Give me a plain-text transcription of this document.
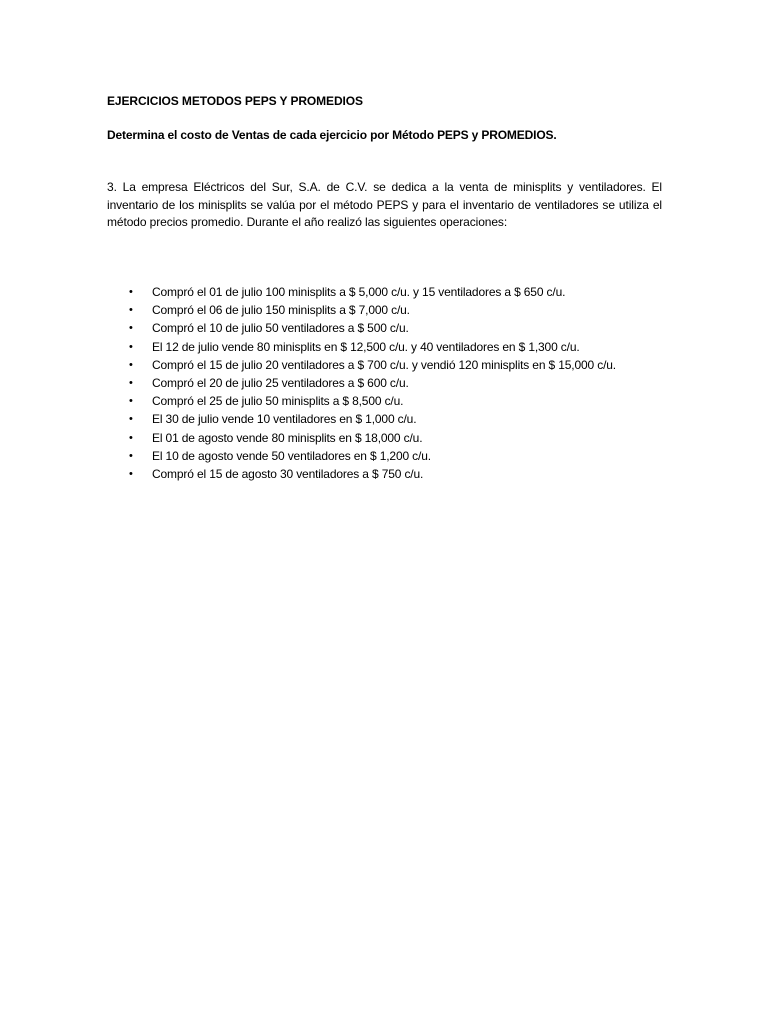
EJERCICIOS METODOS PEPS Y PROMEDIOS
Determina el costo de Ventas de cada ejercicio por Método PEPS y PROMEDIOS.
3. La empresa Eléctricos del Sur, S.A. de C.V. se dedica a la venta de minisplits y ventiladores. El inventario de los minisplits se valúa por el método PEPS y para el inventario de ventiladores se utiliza el método precios promedio. Durante el año realizó las siguientes operaciones:
• Compró el 01 de julio 100 minisplits a $ 5,000 c/u. y 15 ventiladores a $ 650 c/u.
• Compró el 06 de julio 150 minisplits a $ 7,000 c/u.
• Compró el 10 de julio 50 ventiladores a $ 500 c/u.
• El 12 de julio vende 80 minisplits en $ 12,500 c/u. y 40 ventiladores en $ 1,300 c/u.
• Compró el 15 de julio 20 ventiladores a $ 700 c/u. y vendió 120 minisplits en $ 15,000 c/u.
• Compró el 20 de julio 25 ventiladores a $ 600 c/u.
• Compró el 25 de julio 50 minisplits a $ 8,500 c/u.
• El 30 de julio vende 10 ventiladores en $ 1,000 c/u.
• El 01 de agosto vende 80 minisplits en $ 18,000 c/u.
• El 10 de agosto vende 50 ventiladores en $ 1,200 c/u.
• Compró el 15 de agosto 30 ventiladores a $ 750 c/u.
